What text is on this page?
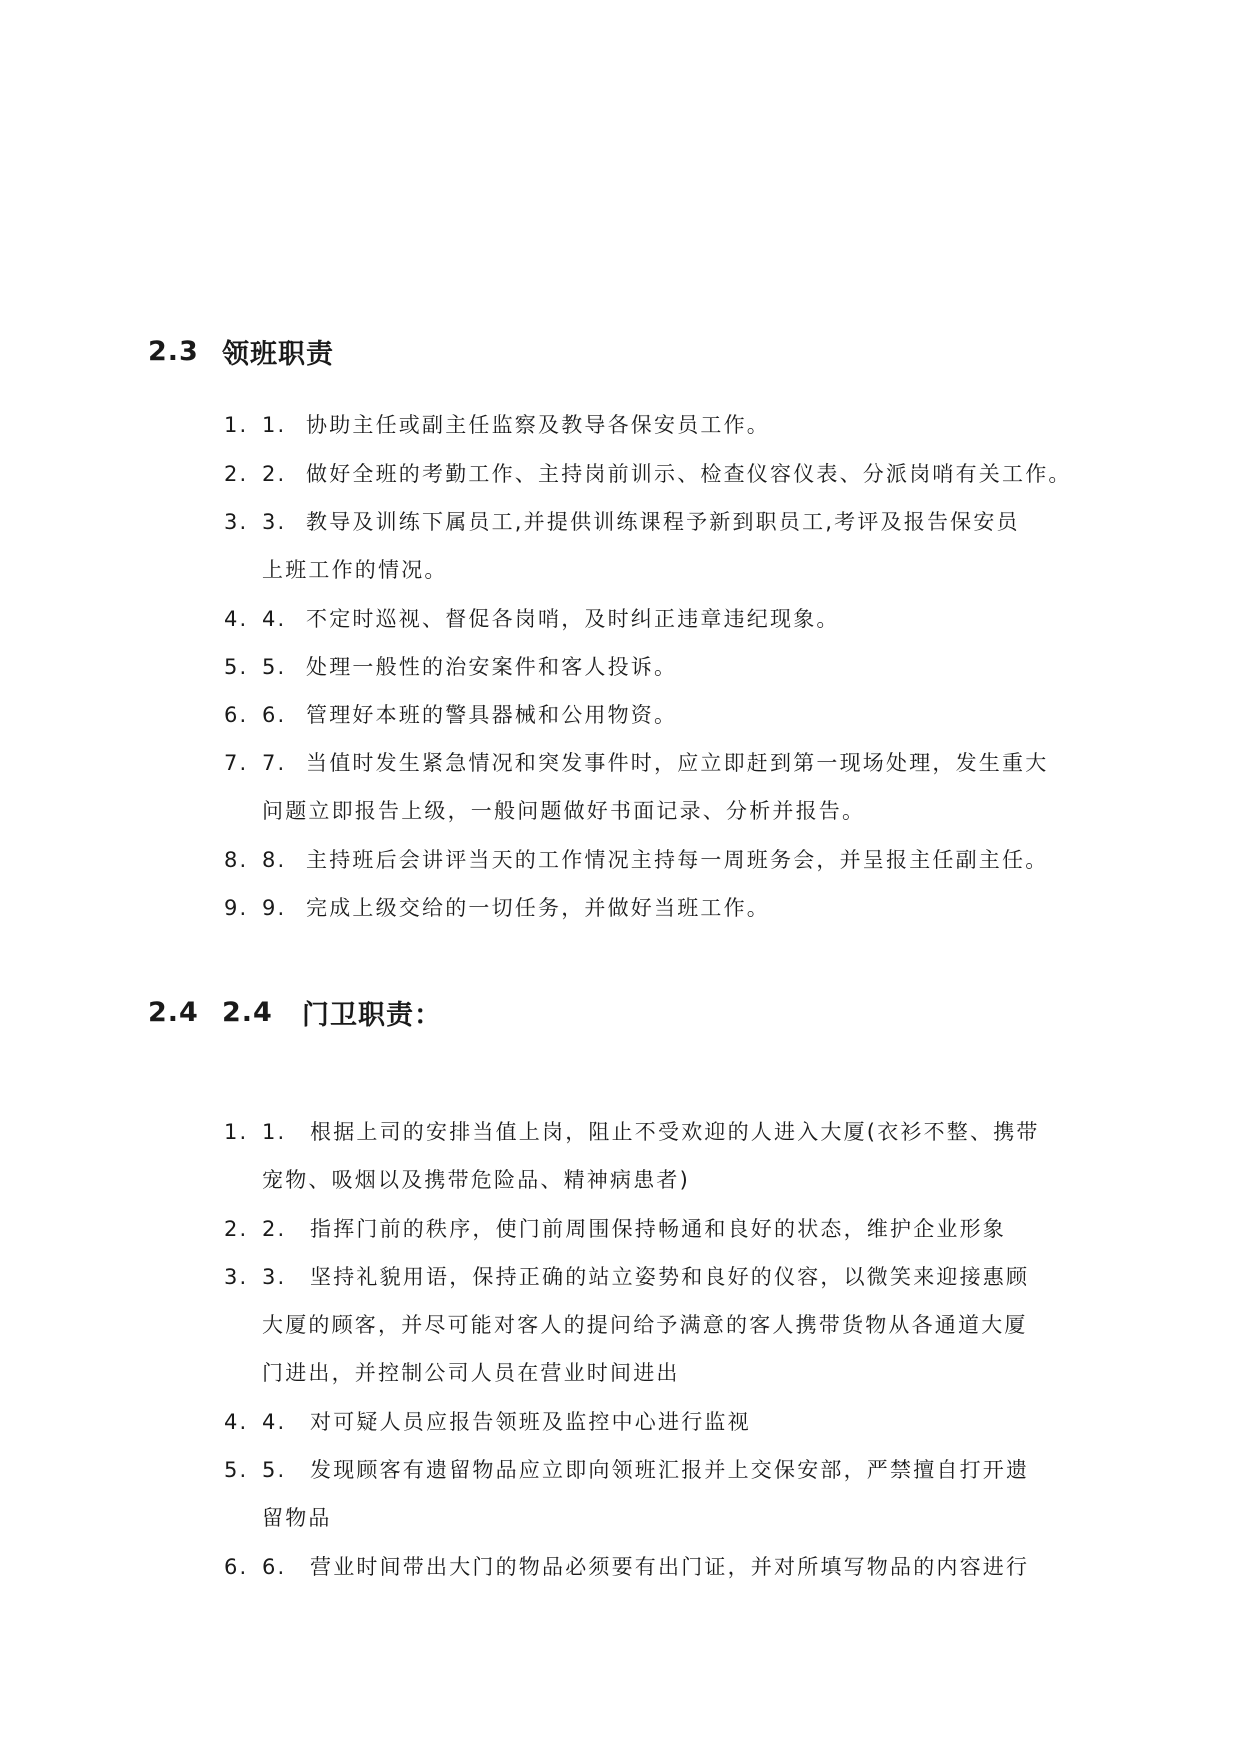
2.3 领班职责
1. 1. 协助主任或副主任监察及教导各保安员工作。
2. 2. 做好全班的考勤工作、主持岗前训示、检查仪容仪表、分派岗哨有关工作。
3. 3. 教导及训练下属员工,并提供训练课程予新到职员工,考评及报告保安员
上班工作的情况。
4. 4. 不定时巡视、督促各岗哨，及时纠正违章违纪现象。
5. 5. 处理一般性的治安案件和客人投诉。
6. 6. 管理好本班的警具器械和公用物资。
7. 7. 当值时发生紧急情况和突发事件时，应立即赶到第一现场处理，发生重大
问题立即报告上级，一般问题做好书面记录、分析并报告。
8. 8. 主持班后会讲评当天的工作情况主持每一周班务会，并呈报主任副主任。
9. 9. 完成上级交给的一切任务，并做好当班工作。
2.4 2.4	门卫职责：
1. 1. 根据上司的安排当值上岗，阻止不受欢迎的人进入大厦(衣衫不整、携带
宠物、吸烟以及携带危险品、精神病患者)
2. 2. 指挥门前的秩序，使门前周围保持畅通和良好的状态，维护企业形象
3. 3. 坚持礼貌用语，保持正确的站立姿势和良好的仪容，以微笑来迎接惠顾
大厦的顾客，并尽可能对客人的提问给予满意的客人携带货物从各通道大厦
门进出，并控制公司人员在营业时间进出
4. 4. 对可疑人员应报告领班及监控中心进行监视
5. 5. 发现顾客有遗留物品应立即向领班汇报并上交保安部，严禁擅自打开遗
留物品
6. 6. 营业时间带出大门的物品必须要有出门证，并对所填写物品的内容进行
